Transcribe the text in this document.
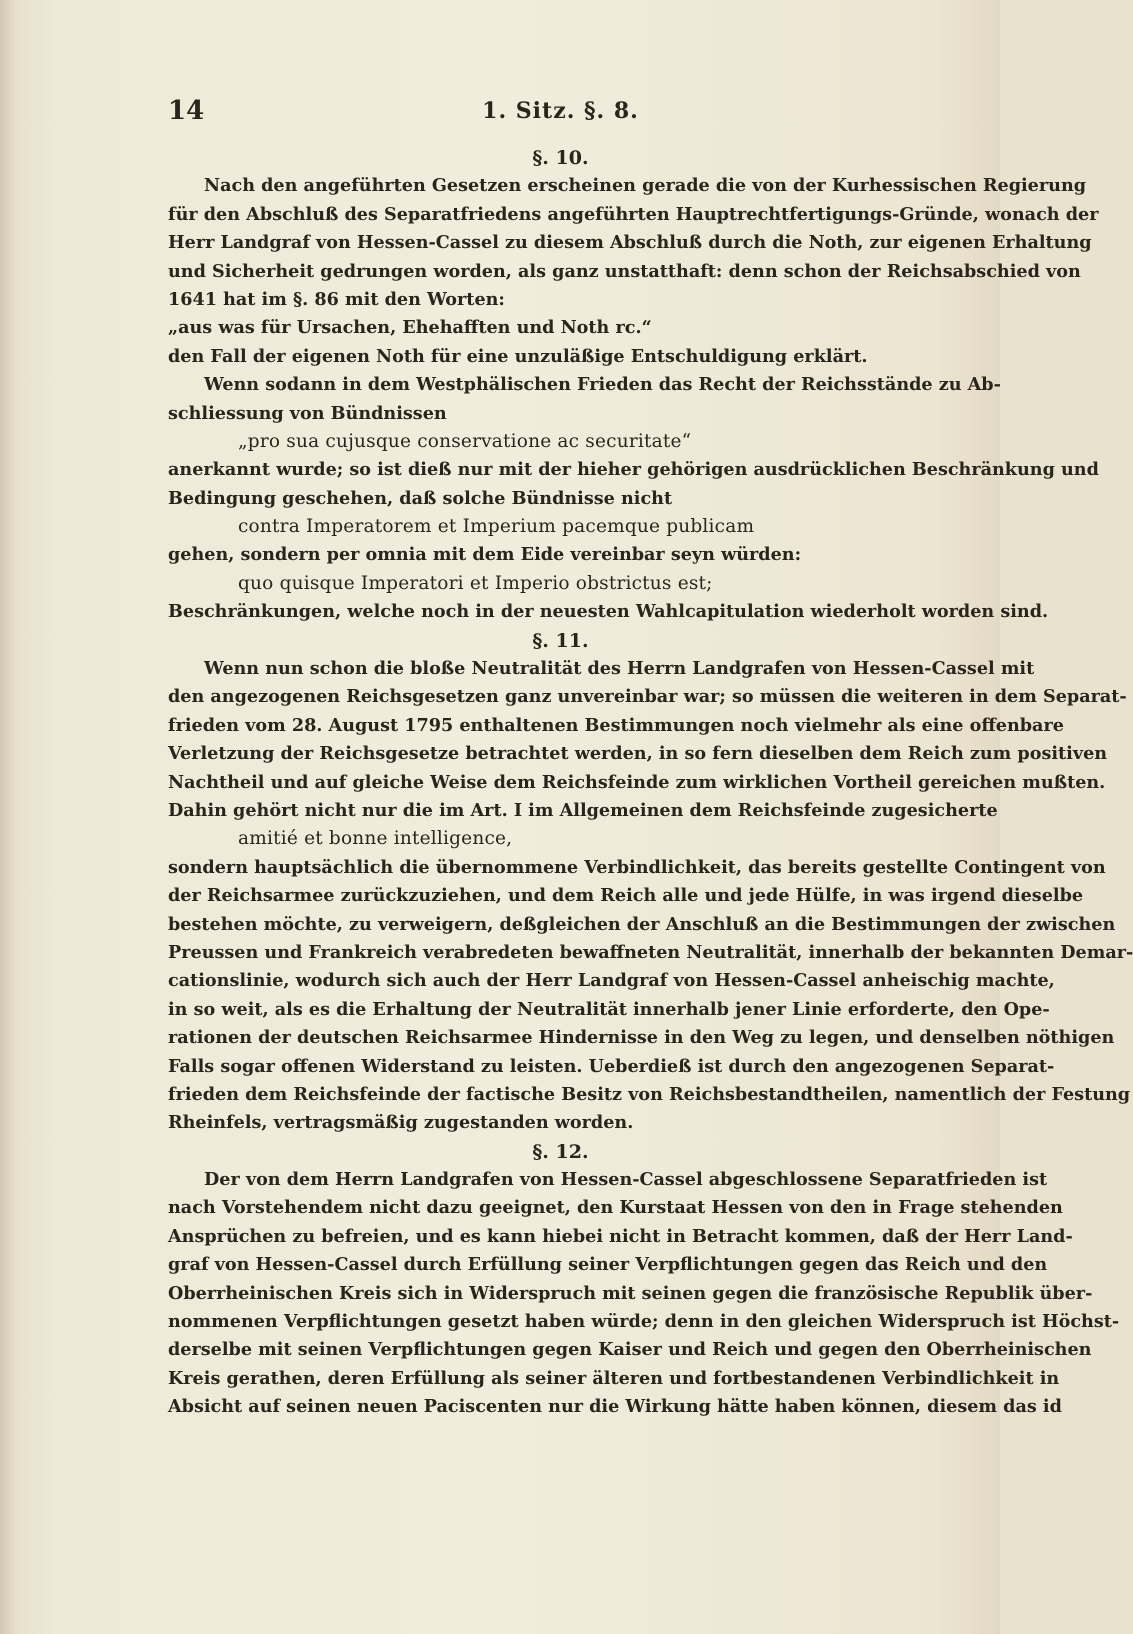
14	1. Sitz. §. 8.
§. 10.
Nach den angeführten Gesetzen erscheinen gerade die von der Kurhessischen Regierung
für den Abschluß des Separatfriedens angeführten Hauptrechtfertigungs-Gründe, wonach der
Herr Landgraf von Hessen-Cassel zu diesem Abschluß durch die Noth, zur eigenen Erhaltung
und Sicherheit gedrungen worden, als ganz unstatthaft: denn schon der Reichsabschied von
1641 hat im §. 86 mit den Worten:
„aus was für Ursachen, Ehehafften und Noth rc.“
den Fall der eigenen Noth für eine unzuläßige Entschuldigung erklärt.
Wenn sodann in dem Westphälischen Frieden das Recht der Reichsstände zu Ab-
schliessung von Bündnissen
„pro sua cujusque conservatione ac securitate“
anerkannt wurde; so ist dieß nur mit der hieher gehörigen ausdrücklichen Beschränkung und
Bedingung geschehen, daß solche Bündnisse nicht
contra Imperatorem et Imperium pacemque publicam
gehen, sondern per omnia mit dem Eide vereinbar seyn würden:
quo quisque Imperatori et Imperio obstrictus est;
Beschränkungen, welche noch in der neuesten Wahlcapitulation wiederholt worden sind.
§. 11.
Wenn nun schon die bloße Neutralität des Herrn Landgrafen von Hessen-Cassel mit
den angezogenen Reichsgesetzen ganz unvereinbar war; so müssen die weiteren in dem Separat-
frieden vom 28. August 1795 enthaltenen Bestimmungen noch vielmehr als eine offenbare
Verletzung der Reichsgesetze betrachtet werden, in so fern dieselben dem Reich zum positiven
Nachtheil und auf gleiche Weise dem Reichsfeinde zum wirklichen Vortheil gereichen mußten.
Dahin gehört nicht nur die im Art. I im Allgemeinen dem Reichsfeinde zugesicherte
amitié et bonne intelligence,
sondern hauptsächlich die übernommene Verbindlichkeit, das bereits gestellte Contingent von
der Reichsarmee zurückzuziehen, und dem Reich alle und jede Hülfe, in was irgend dieselbe
bestehen möchte, zu verweigern, deßgleichen der Anschluß an die Bestimmungen der zwischen
Preussen und Frankreich verabredeten bewaffneten Neutralität, innerhalb der bekannten Demar-
cationslinie, wodurch sich auch der Herr Landgraf von Hessen-Cassel anheischig machte,
in so weit, als es die Erhaltung der Neutralität innerhalb jener Linie erforderte, den Ope-
rationen der deutschen Reichsarmee Hindernisse in den Weg zu legen, und denselben nöthigen
Falls sogar offenen Widerstand zu leisten. Ueberdieß ist durch den angezogenen Separat-
frieden dem Reichsfeinde der factische Besitz von Reichsbestandtheilen, namentlich der Festung
Rheinfels, vertragsmäßig zugestanden worden.
§. 12.
Der von dem Herrn Landgrafen von Hessen-Cassel abgeschlossene Separatfrieden ist
nach Vorstehendem nicht dazu geeignet, den Kurstaat Hessen von den in Frage stehenden
Ansprüchen zu befreien, und es kann hiebei nicht in Betracht kommen, daß der Herr Land-
graf von Hessen-Cassel durch Erfüllung seiner Verpflichtungen gegen das Reich und den
Oberrheinischen Kreis sich in Widerspruch mit seinen gegen die französische Republik über-
nommenen Verpflichtungen gesetzt haben würde; denn in den gleichen Widerspruch ist Höchst-
derselbe mit seinen Verpflichtungen gegen Kaiser und Reich und gegen den Oberrheinischen
Kreis gerathen, deren Erfüllung als seiner älteren und fortbestandenen Verbindlichkeit in
Absicht auf seinen neuen Paciscenten nur die Wirkung hätte haben können, diesem das id
